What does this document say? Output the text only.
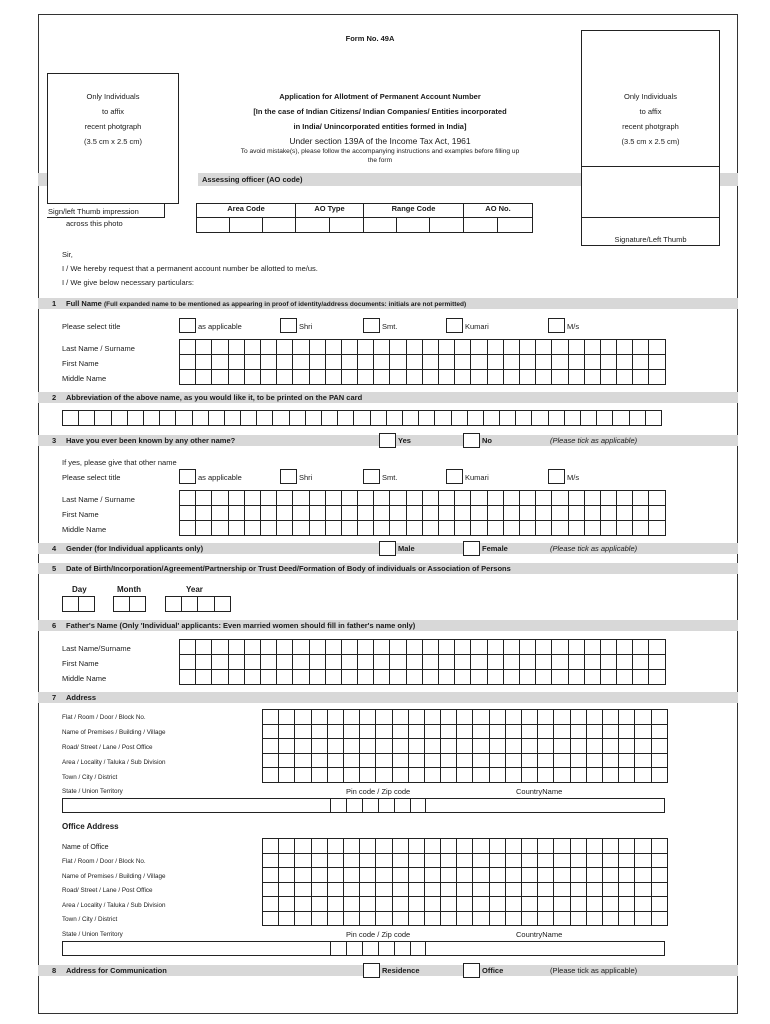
Form No. 49A
Only Individuals
to affix
recent photgraph
(3.5 cm x 2.5 cm)
Sign/left Thumb impression
across this photo
Only Individuals
to affix
recent photgraph
(3.5 cm x 2.5 cm)
Signature/Left Thumb
Application for Allotment of Permanent Account Number
[In the case of Indian Citizens/ Indian Companies/ Entities incorporated
in India/ Unincorporated entities formed in India]
Under section 139A of the Income Tax Act, 1961
To avoid mistake(s), please follow the accompanying instructions and examples before filling up
the form
Assessing officer (AO code)
Area Code	AO Type	Range Code	AO No.
Sir,
I / We hereby request that a permanent account number be allotted to me/us.
I / We give below necessary particulars:
1 Full Name (Full expanded name to be mentioned as appearing in proof of identity/address documents: initials are not permitted)
Please select title	as applicable	Shri	Smt.	Kumari	M/s
Last Name / Surname
First Name
Middle Name
2 Abbreviation of the above name, as you would like it, to be printed on the PAN card
3 Have you ever been known by any other name?	Yes	No	(Please tick as applicable)
If yes, please give that other name
Please select title	as applicable	Shri	Smt.	Kumari	M/s
Last Name / Surname
First Name
Middle Name
4 Gender (for Individual applicants only)	Male	Female	(Please tick as applicable)
5 Date of Birth/Incorporation/Agreement/Partnership or Trust Deed/Formation of Body of individuals or Association of Persons
Day	Month	Year
6 Father's Name (Only 'Individual' applicants: Even married women should fill in father's name only)
Last Name/Surname
First Name
Middle Name
7 Address
Flat / Room / Door / Block No.
Name of Premises / Building / Village
Road/ Street / Lane / Post Office
Area / Locality / Taluka / Sub Division
Town / City / District
State / Union Territory	Pin code / Zip code	CountryName
Office Address
Name of Office
Flat / Room / Door / Block No.
Name of Premises / Building / Village
Road/ Street / Lane / Post Office
Area / Locality / Taluka / Sub Division
Town / City / District
State / Union Territory	Pin code / Zip code	CountryName
8 Address for Communication	Residence	Office	(Please tick as applicable)
